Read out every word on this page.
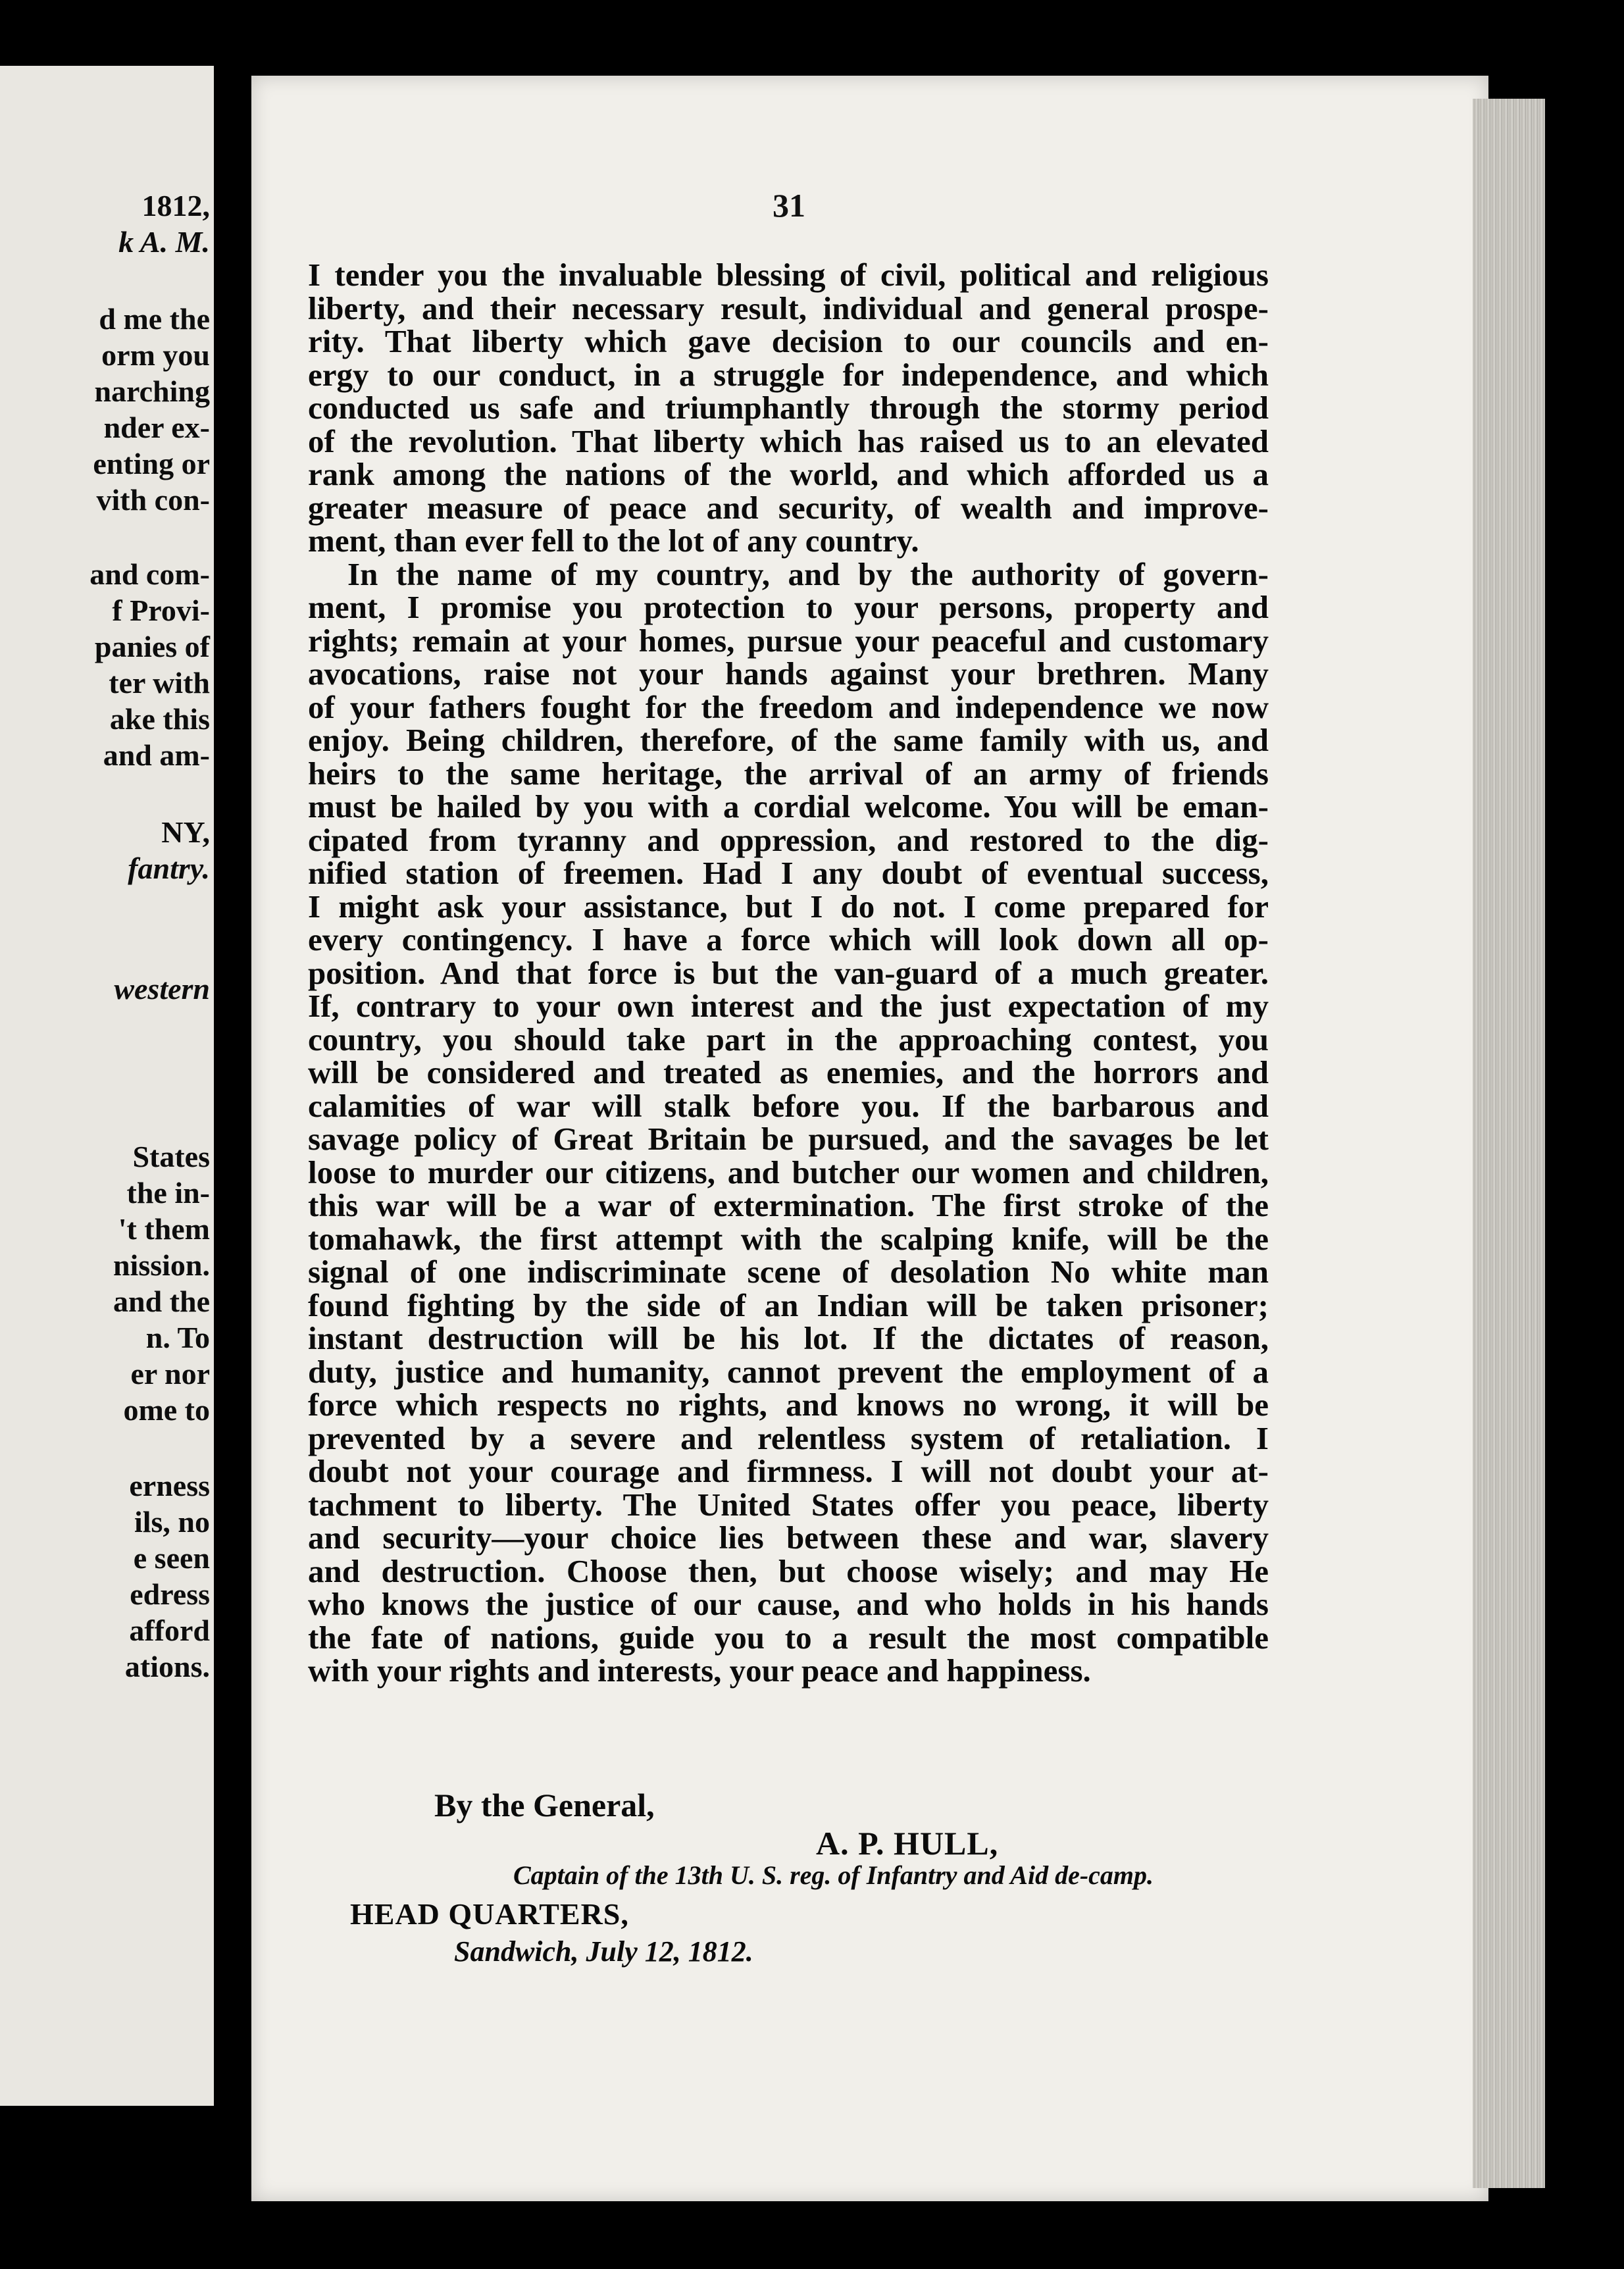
1812,
k A. M.
d me the
orm you
narching
nder ex-
enting or
vith con-
and com-
f Provi-
panies of
ter with
ake this
and am-
NY,
fantry.
western
States
the in-
't them
nission.
and the
n. To
er nor
ome to
erness
ils, no
e seen
edress
afford
ations.
31
I tender you the invaluable blessing of civil, political and religious
liberty, and their necessary result, individual and general prospe-
rity. That liberty which gave decision to our councils and en-
ergy to our conduct, in a struggle for independence, and which
conducted us safe and triumphantly through the stormy period
of the revolution. That liberty which has raised us to an elevated
rank among the nations of the world, and which afforded us a
greater measure of peace and security, of wealth and improve-
ment, than ever fell to the lot of any country.
In the name of my country, and by the authority of govern-
ment, I promise you protection to your persons, property and
rights; remain at your homes, pursue your peaceful and customary
avocations, raise not your hands against your brethren. Many
of your fathers fought for the freedom and independence we now
enjoy. Being children, therefore, of the same family with us, and
heirs to the same heritage, the arrival of an army of friends
must be hailed by you with a cordial welcome. You will be eman-
cipated from tyranny and oppression, and restored to the dig-
nified station of freemen. Had I any doubt of eventual success,
I might ask your assistance, but I do not. I come prepared for
every contingency. I have a force which will look down all op-
position. And that force is but the van-guard of a much greater.
If, contrary to your own interest and the just expectation of my
country, you should take part in the approaching contest, you
will be considered and treated as enemies, and the horrors and
calamities of war will stalk before you. If the barbarous and
savage policy of Great Britain be pursued, and the savages be let
loose to murder our citizens, and butcher our women and children,
this war will be a war of extermination. The first stroke of the
tomahawk, the first attempt with the scalping knife, will be the
signal of one indiscriminate scene of desolation No white man
found fighting by the side of an Indian will be taken prisoner;
instant destruction will be his lot. If the dictates of reason,
duty, justice and humanity, cannot prevent the employment of a
force which respects no rights, and knows no wrong, it will be
prevented by a severe and relentless system of retaliation. I
doubt not your courage and firmness. I will not doubt your at-
tachment to liberty. The United States offer you peace, liberty
and security—your choice lies between these and war, slavery
and destruction. Choose then, but choose wisely; and may He
who knows the justice of our cause, and who holds in his hands
the fate of nations, guide you to a result the most compatible
with your rights and interests, your peace and happiness.
By the General,
A. P. HULL,
Captain of the 13th U. S. reg. of Infantry and Aid de-camp.
HEAD QUARTERS,
Sandwich, July 12, 1812.
